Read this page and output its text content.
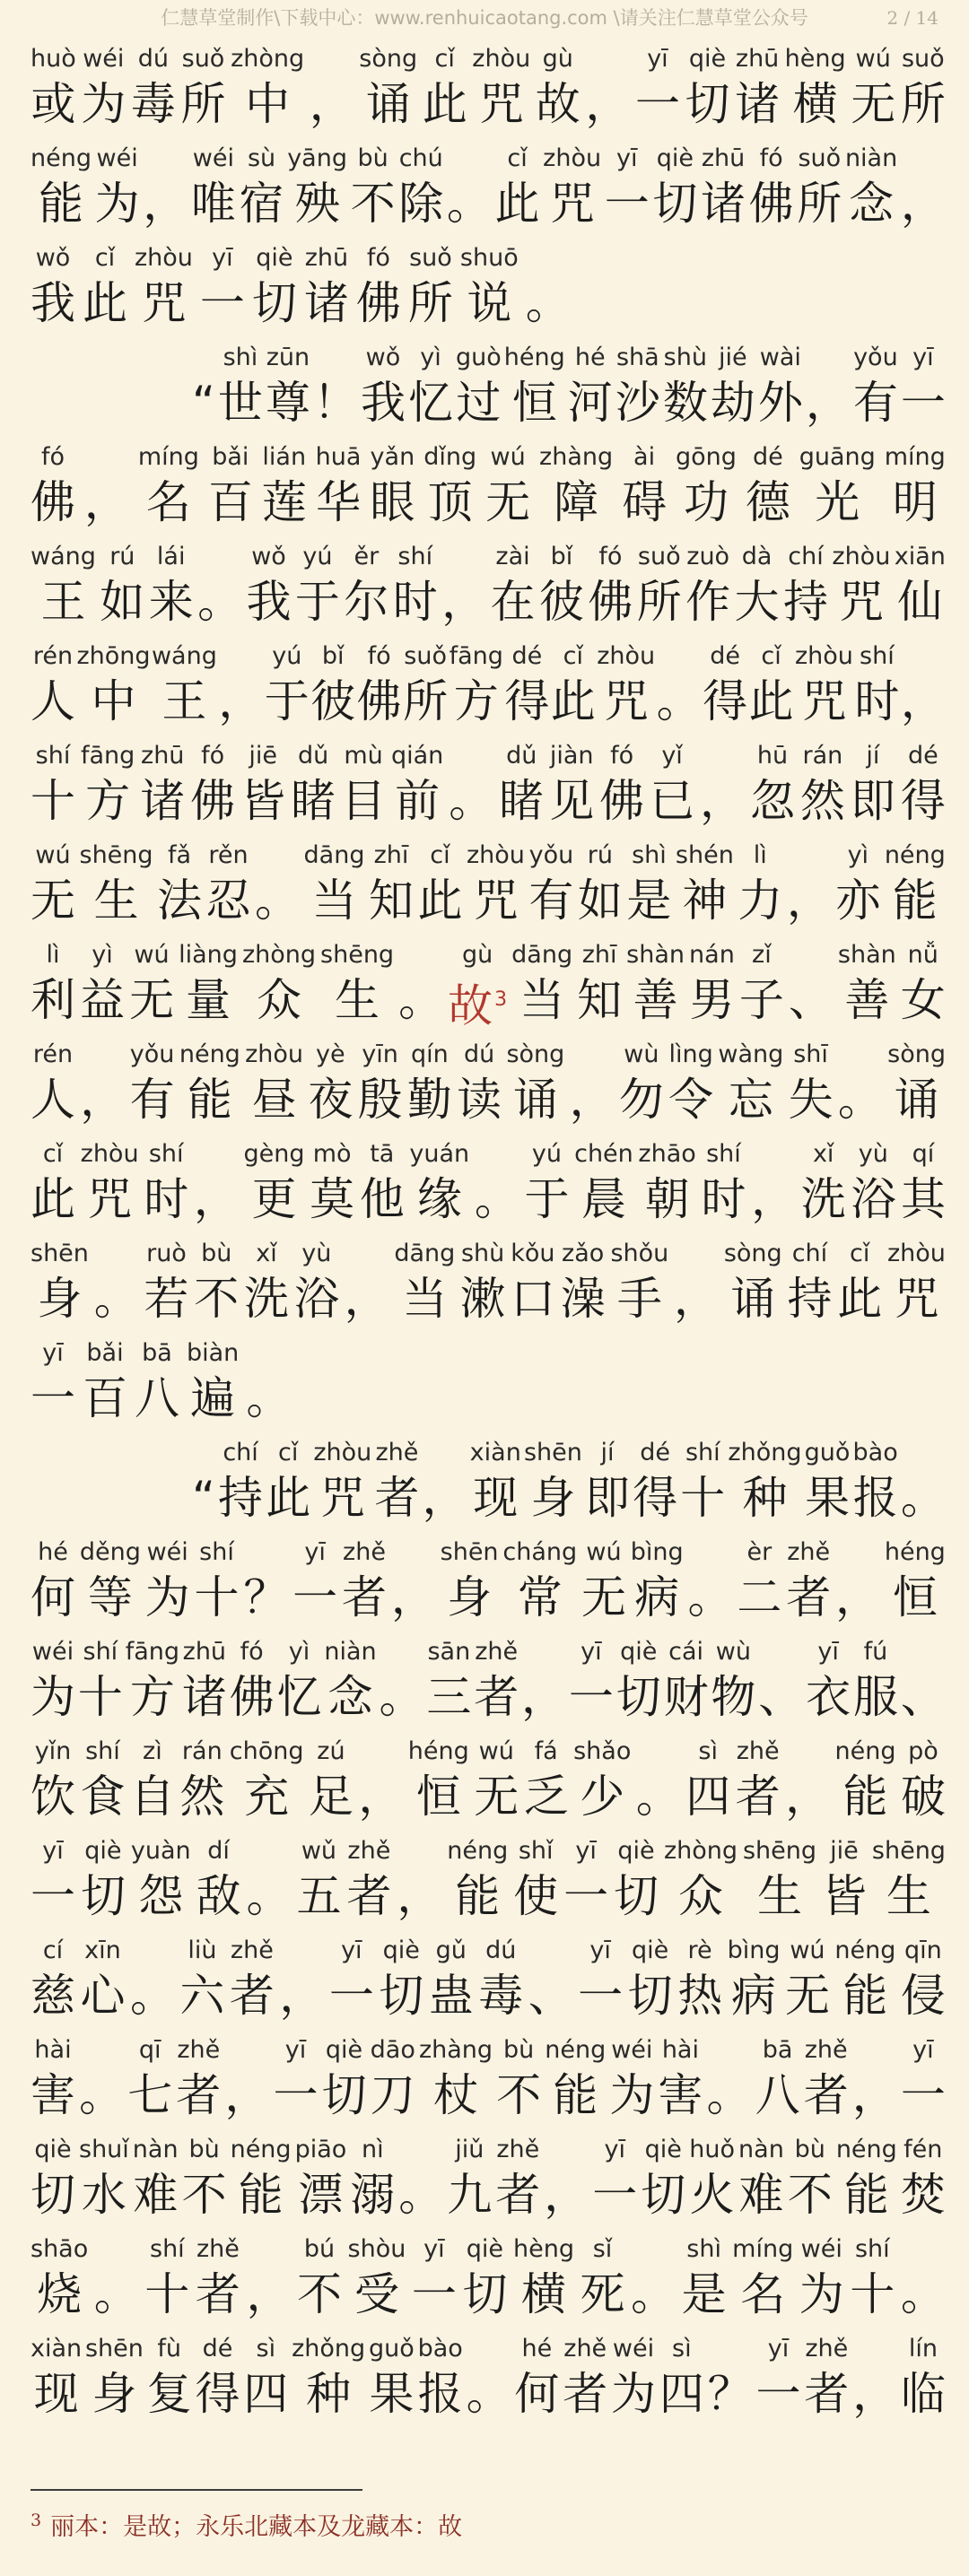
仁慧草堂制作\下载中心：www.renhuicaotang.com \请关注仁慧草堂公众号	2 / 14
huò
或
wéi
为
dú
毒
suǒ
所
zhòng
中 ，
sòng
诵
cǐ
此
zhòu
咒
gù
故 ，
yī
一
qiè
切
zhū
诸
hèng
横
wú
无
suǒ
所
néng
能
wéi
为 ，
wéi
唯
sù
宿
yāng
殃
bù
不
chú
除 。
cǐ
此
zhòu
咒
yī
一
qiè
切
zhū
诸
fó
佛
suǒ
所
niàn
念 ，
wǒ
我
cǐ
此
zhòu
咒
yī
一
qiè
切
zhū
诸
fó
佛
suǒ
所
shuō
说 。
“
shì
世
zūn
尊 ！
wǒ
我
yì
忆
guò
过
héng
恒
hé
河
shā
沙
shù
数
jié
劫
wài
外 ，
yǒu
有
yī
一
fó
佛 ，
míng
名
bǎi
百
lián
莲
huā
华
yǎn
眼
dǐng
顶
wú
无
zhàng
障
ài
碍
gōng
功
dé
德
guāng
光
míng
明
wáng
王
rú
如
lái
来 。
wǒ
我
yú
于
ěr
尔
shí
时 ，
zài
在
bǐ
彼
fó
佛
suǒ
所
zuò
作
dà
大
chí
持
zhòu
咒
xiān
仙
rén
人
zhōng
中
wáng
王 ，
yú
于
bǐ
彼
fó
佛
suǒ
所
fāng
方
dé
得
cǐ
此
zhòu
咒 。
dé
得
cǐ
此
zhòu
咒
shí
时 ，
shí
十
fāng
方
zhū
诸
fó
佛
jiē
皆
dǔ
睹
mù
目
qián
前 。
dǔ
睹
jiàn
见
fó
佛
yǐ
已 ，
hū
忽
rán
然
jí
即
dé
得
wú
无
shēng
生
fǎ
法
rěn
忍 。
dāng
当
zhī
知
cǐ
此
zhòu
咒
yǒu
有
rú
如
shì
是
shén
神
lì
力 ，
yì
亦
néng
能
lì
利
yì
益
wú
无
liàng
量
zhòng
众
shēng
生 。
gù
故$^3$
dāng
当
zhī
知
shàn
善
nán
男
zǐ
子 、
shàn
善
nǚ
女
rén
人 ，
yǒu
有
néng
能
zhòu
昼
yè
夜
yīn
殷
qín
勤
dú
读
sòng
诵 ，
wù
勿
lìng
令
wàng
忘
shī
失 。
sòng
诵
cǐ
此
zhòu
咒
shí
时 ，
gèng
更
mò
莫
tā
他
yuán
缘 。
yú
于
chén
晨
zhāo
朝
shí
时 ，
xǐ
洗
yù
浴
qí
其
shēn
身 。
ruò
若
bù
不
xǐ
洗
yù
浴 ，
dāng
当
shù
漱
kǒu
口
zǎo
澡
shǒu
手 ，
sòng
诵
chí
持
cǐ
此
zhòu
咒
yī
一
bǎi
百
bā
八
biàn
遍 。
“
chí
持
cǐ
此
zhòu
咒
zhě
者 ，
xiàn
现
shēn
身
jí
即
dé
得
shí
十
zhǒng
种
guǒ
果
bào
报 。
hé
何
děng
等
wéi
为
shí
十 ？
yī
一
zhě
者 ，
shēn
身
cháng
常
wú
无
bìng
病 。
èr
二
zhě
者 ，
héng
恒
wéi
为
shí
十
fāng
方
zhū
诸
fó
佛
yì
忆
niàn
念 。
sān
三
zhě
者 ，
yī
一
qiè
切
cái
财
wù
物 、
yī
衣
fú
服 、
yǐn
饮
shí
食
zì
自
rán
然
chōng
充
zú
足 ，
héng
恒
wú
无
fá
乏
shǎo
少 。
sì
四
zhě
者 ，
néng
能
pò
破
yī
一
qiè
切
yuàn
怨
dí
敌 。
wǔ
五
zhě
者 ，
néng
能
shǐ
使
yī
一
qiè
切
zhòng
众
shēng
生
jiē
皆
shēng
生
cí
慈
xīn
心 。
liù
六
zhě
者 ，
yī
一
qiè
切
gǔ
蛊
dú
毒 、
yī
一
qiè
切
rè
热
bìng
病
wú
无
néng
能
qīn
侵
hài
害 。
qī
七
zhě
者 ，
yī
一
qiè
切
dāo
刀
zhàng
杖
bù
不
néng
能
wéi
为
hài
害 。
bā
八
zhě
者 ，
yī
一
qiè
切
shuǐ
水
nàn
难
bù
不
néng
能
piāo
漂
nì
溺 。
jiǔ
九
zhě
者 ，
yī
一
qiè
切
huǒ
火
nàn
难
bù
不
néng
能
fén
焚
shāo
烧 。
shí
十
zhě
者 ，
bú
不
shòu
受
yī
一
qiè
切
hèng
横
sǐ
死 。
shì
是
míng
名
wéi
为
shí
十 。
xiàn
现
shēn
身
fù
复
dé
得
sì
四
zhǒng
种
guǒ
果
bào
报 。
hé
何
zhě
者
wéi
为
sì
四 ？
yī
一
zhě
者 ，
lín
临
$^3$ 丽本：是故；永乐北藏本及龙藏本：故
